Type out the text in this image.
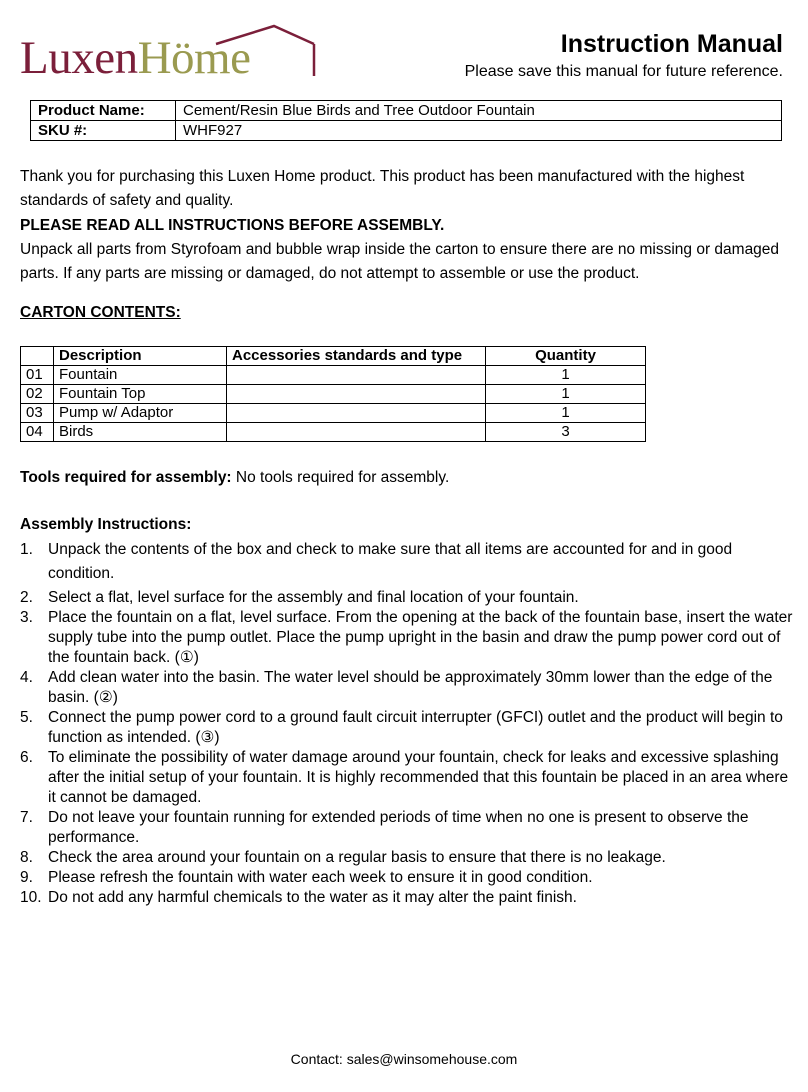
LuxenHöme	Instruction Manual
Please save this manual for future reference.
Product Name:	Cement/Resin Blue Birds and Tree Outdoor Fountain
SKU #:	WHF927
Thank you for purchasing this Luxen Home product. This product has been manufactured with the highest standards of safety and quality.
PLEASE READ ALL INSTRUCTIONS BEFORE ASSEMBLY.
Unpack all parts from Styrofoam and bubble wrap inside the carton to ensure there are no missing or damaged parts. If any parts are missing or damaged, do not attempt to assemble or use the product.
CARTON CONTENTS:
	Description	Accessories standards and type	Quantity
01	Fountain		1
02	Fountain Top		1
03	Pump w/ Adaptor		1
04	Birds		3
Tools required for assembly: No tools required for assembly.
Assembly Instructions:
1. Unpack the contents of the box and check to make sure that all items are accounted for and in good condition.
2. Select a flat, level surface for the assembly and final location of your fountain.
3. Place the fountain on a flat, level surface. From the opening at the back of the fountain base, insert the water supply tube into the pump outlet. Place the pump upright in the basin and draw the pump power cord out of the fountain back. (①)
4. Add clean water into the basin. The water level should be approximately 30mm lower than the edge of the basin. (②)
5. Connect the pump power cord to a ground fault circuit interrupter (GFCI) outlet and the product will begin to function as intended. (③)
6. To eliminate the possibility of water damage around your fountain, check for leaks and excessive splashing after the initial setup of your fountain. It is highly recommended that this fountain be placed in an area where it cannot be damaged.
7. Do not leave your fountain running for extended periods of time when no one is present to observe the performance.
8. Check the area around your fountain on a regular basis to ensure that there is no leakage.
9. Please refresh the fountain with water each week to ensure it in good condition.
10. Do not add any harmful chemicals to the water as it may alter the paint finish.
Contact: sales@winsomehouse.com
